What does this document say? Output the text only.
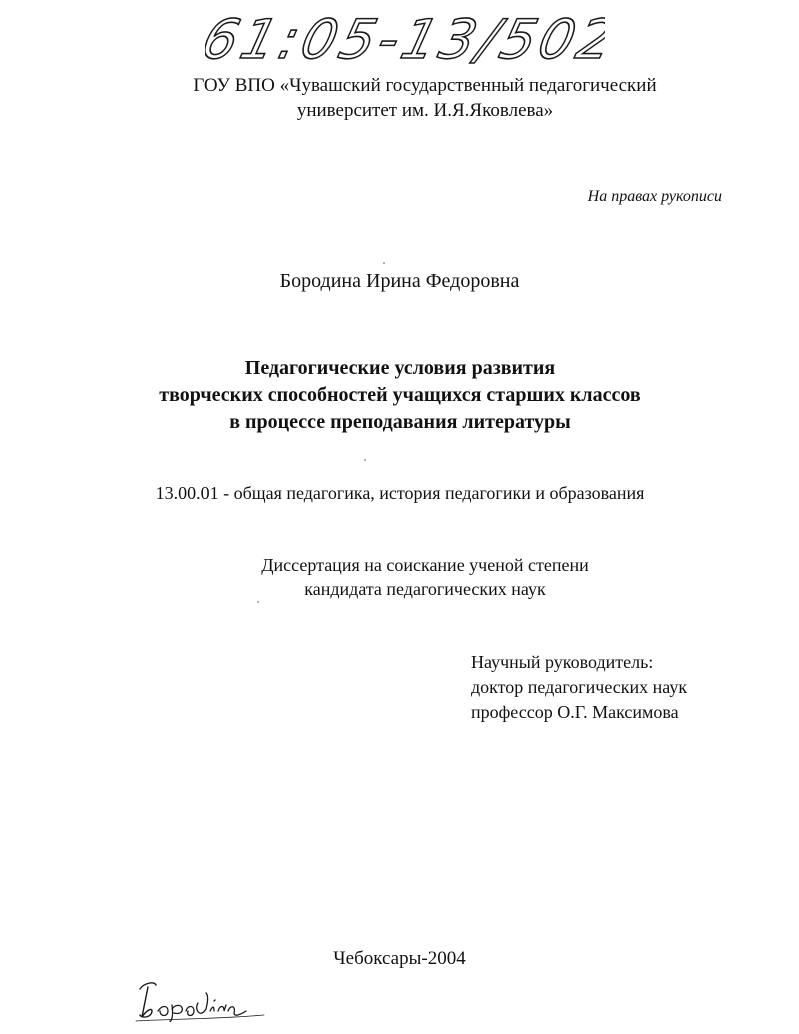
61:05-13/502
ГОУ ВПО «Чувашский государственный педагогический
университет им. И.Я.Яковлева»
На правах рукописи
Бородина Ирина Федоровна
Педагогические условия развития
творческих способностей учащихся старших классов
в процессе преподавания литературы
13.00.01 - общая педагогика, история педагогики и образования
Диссертация на соискание ученой степени
кандидата педагогических наук
Научный руководитель:
доктор педагогических наук
профессор О.Г. Максимова
Чебоксары-2004
